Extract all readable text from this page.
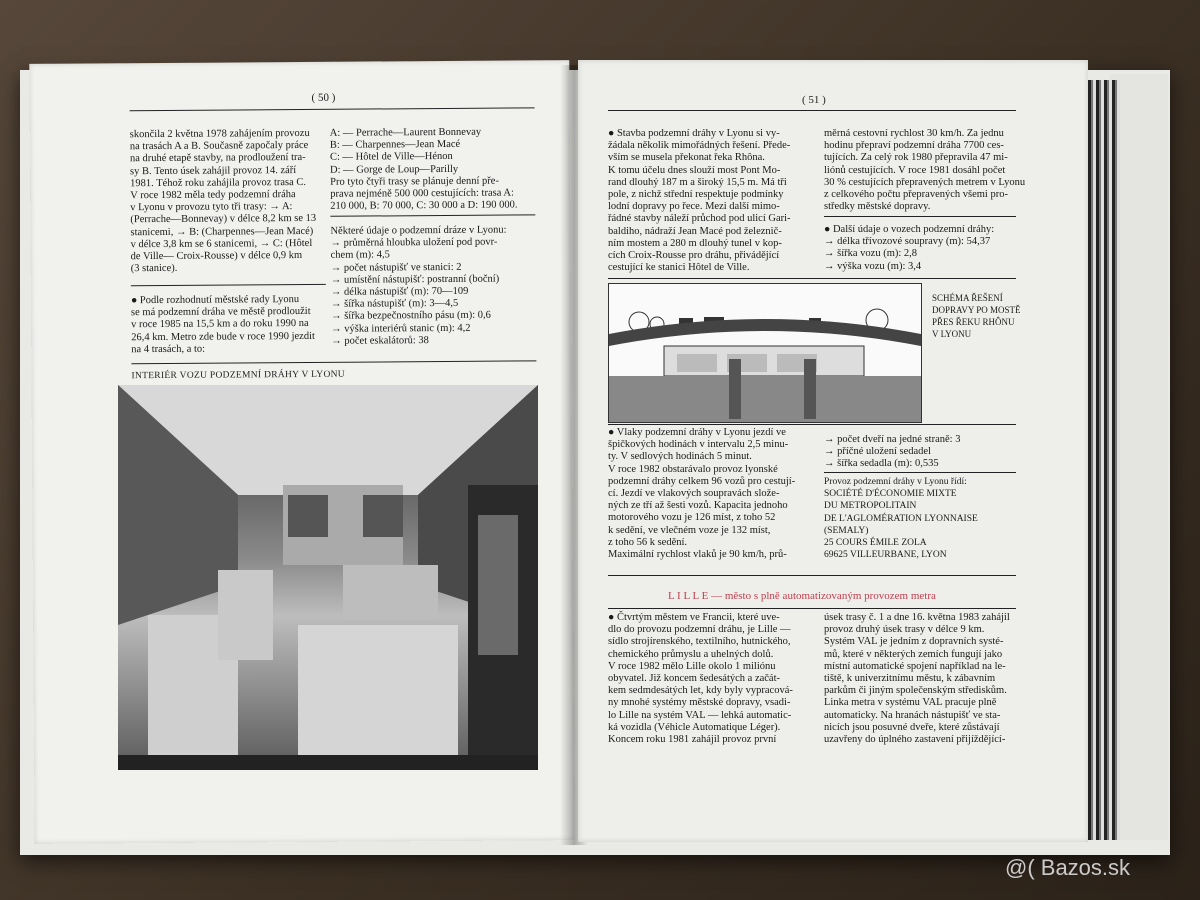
( 50 )
skončila 2 května 1978 zahájením provozu
na trasách A a B. Současně započaly práce
na druhé etapě stavby, na prodloužení tra-
sy B. Tento úsek zahájil provoz 14. září
1981. Téhož roku zahájila provoz trasa C.
V roce 1982 měla tedy podzemní dráha
v Lyonu v provozu tyto tři trasy: → A:
(Perrache—Bonnevay) v délce 8,2 km se 13
stanicemi, → B: (Charpennes—Jean Macé)
v délce 3,8 km se 6 stanicemi, → C: (Hôtel
de Ville— Croix-Rousse) v délce 0,9 km
(3 stanice).
● Podle rozhodnutí městské rady Lyonu
se má podzemní dráha ve městě prodloužit
v roce 1985 na 15,5 km a do roku 1990 na
26,4 km. Metro zde bude v roce 1990 jezdit
na 4 trasách, a to:
A: — Perrache—Laurent Bonnevay
B: — Charpennes—Jean Macé
C: — Hôtel de Ville—Hénon
D: — Gorge de Loup—Parilly
Pro tyto čtyři trasy se plánuje denní pře-
prava nejméně 500 000 cestujících: trasa A:
210 000, B: 70 000, C: 30 000 a D: 190 000.
Některé údaje o podzemní dráze v Lyonu:
→ průměrná hloubka uložení pod povr-
chem (m): 4,5
→ počet nástupišť ve stanici: 2
→ umístění nástupišť: postranní (boční)
→ délka nástupišť (m): 70—109
→ šířka nástupišť (m): 3—4,5
→ šířka bezpečnostního pásu (m): 0,6
→ výška interiérů stanic (m): 4,2
→ počet eskalátorů: 38
INTERIÉR VOZU PODZEMNÍ DRÁHY V LYONU
( 51 )
● Stavba podzemní dráhy v Lyonu si vy-
žádala několik mimořádných řešení. Přede-
vším se musela překonat řeka Rhôna.
K tomu účelu dnes slouží most Pont Mo-
rand dlouhý 187 m a široký 15,5 m. Má tři
pole, z nichž střední respektuje podmínky
lodní dopravy po řece. Mezi další mimo-
řádné stavby náleží průchod pod ulicí Gari-
baldiho, nádraží Jean Macé pod železnič-
ním mostem a 280 m dlouhý tunel v kop-
cích Croix-Rousse pro dráhu, přivádějící
cestující ke stanici Hôtel de Ville.
měrná cestovní rychlost 30 km/h. Za jednu
hodinu přepraví podzemní dráha 7700 ces-
tujících. Za celý rok 1980 přepravila 47 mi-
liónů cestujících. V roce 1981 dosáhl počet
30 % cestujících přepravených metrem v Lyonu
z celkového počtu přepravených všemi pro-
středky městské dopravy.
● Další údaje o vozech podzemní dráhy:
→ délka třívozové soupravy (m): 54,37
→ šířka vozu (m): 2,8
→ výška vozu (m): 3,4
SCHÉMA ŘEŠENÍ
DOPRAVY PO MOSTĚ
PŘES ŘEKU RHÔNU
V LYONU
● Vlaky podzemní dráhy v Lyonu jezdí ve
špičkových hodinách v intervalu 2,5 minu-
ty. V sedlových hodinách 5 minut.
V roce 1982 obstarávalo provoz lyonské
podzemní dráhy celkem 96 vozů pro cestují-
cí. Jezdí ve vlakových soupravách slože-
ných ze tří až šesti vozů. Kapacita jednoho
motorového vozu je 126 míst, z toho 52
k sedění, ve vlečném voze je 132 míst,
z toho 56 k sedění.
Maximální rychlost vlaků je 90 km/h, prů-
→ počet dveří na jedné straně: 3
→ příčné uložení sedadel
→ šířka sedadla (m): 0,535
Provoz podzemní dráhy v Lyonu řídí:
SOCIÉTÉ D'ÉCONOMIE MIXTE
DU METROPOLITAIN
DE L'AGLOMÉRATION LYONNAISE
(SEMALY)
25 COURS ÉMILE ZOLA
69625 VILLEURBANE, LYON
L I L L E — město s plně automatizovaným provozem metra
● Čtvrtým městem ve Francii, které uve-
dlo do provozu podzemní dráhu, je Lille —
sídlo strojírenského, textilního, hutnického,
chemického průmyslu a uhelných dolů.
V roce 1982 mělo Lille okolo 1 miliónu
obyvatel. Již koncem šedesátých a začát-
kem sedmdesátých let, kdy byly vypracová-
ny mnohé systémy městské dopravy, vsadi-
lo Lille na systém VAL — lehká automatic-
ká vozidla (Véhicle Automatique Léger).
Koncem roku 1981 zahájil provoz první
úsek trasy č. 1 a dne 16. května 1983 zahájil
provoz druhý úsek trasy v délce 9 km.
Systém VAL je jedním z dopravních systé-
mů, které v některých zemích fungují jako
místní automatické spojení například na le-
tiště, k univerzitnímu městu, k zábavním
parkům či jiným společenským střediskům.
Linka metra v systému VAL pracuje plně
automaticky. Na hranách nástupišť ve sta-
nicích jsou posuvné dveře, které zůstávají
uzavřeny do úplného zastavení přijíždějící-
@( Bazos.sk
